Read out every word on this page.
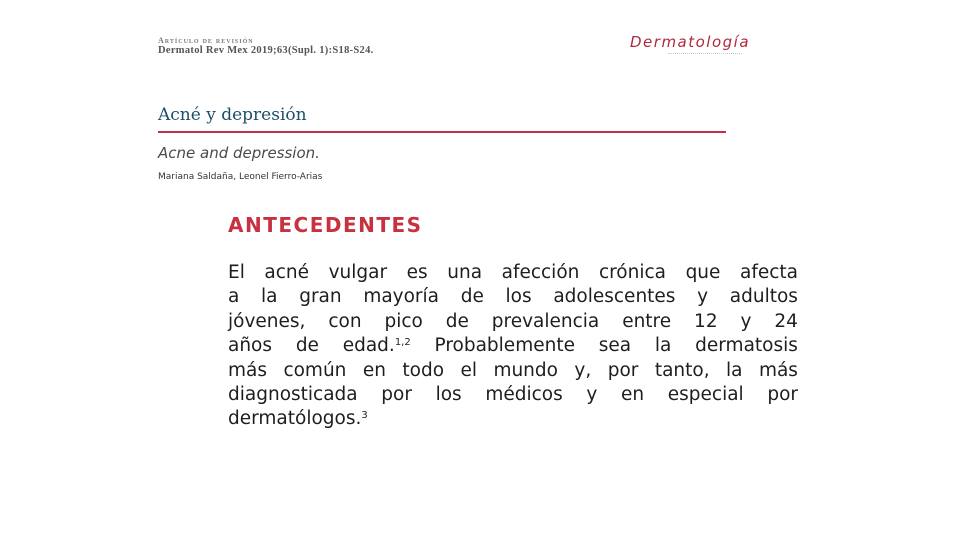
Artículo de revisión
Dermatol Rev Mex 2019;63(Supl. 1):S18-S24.	Dermatología
Acné y depresión
Acne and depression.
Mariana Saldaña, Leonel Fierro-Arias
ANTECEDENTES
El acné vulgar es una afección crónica que afecta
a la gran mayoría de los adolescentes y adultos
jóvenes, con pico de prevalencia entre 12 y 24
años de edad.$^{1,2}$ Probablemente sea la dermatosis
más común en todo el mundo y, por tanto, la más
diagnosticada por los médicos y en especial por
dermatólogos.$^3$
